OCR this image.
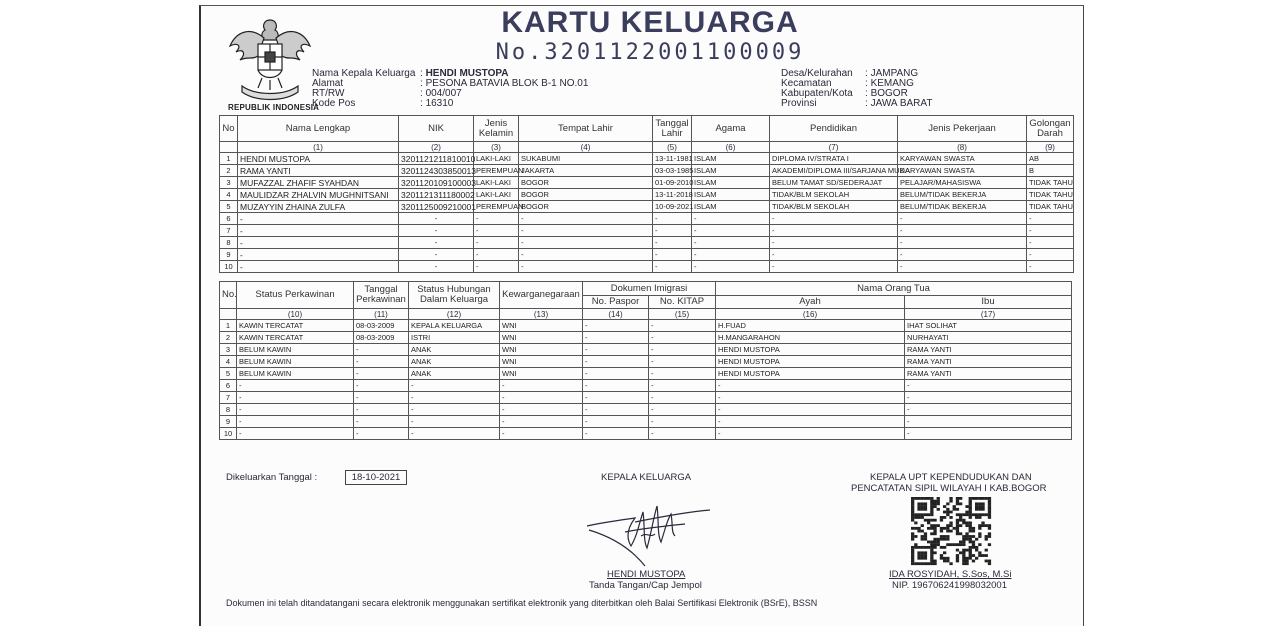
REPUBLIK INDONESIA
KARTU KELUARGA
No.3201122001100009
Nama Kepala Keluarga : HENDI MUSTOPA
Alamat	: PESONA BATAVIA BLOK B-1 NO.01
RT/RW	: 004/007
Kode Pos	: 16310
Desa/Kelurahan : JAMPANG
Kecamatan	: KEMANG
Kabupaten/Kota : BOGOR
Provinsi	: JAWA BARAT
No	Nama Lengkap	NIK	Jenis Kelamin	Tempat Lahir	Tanggal Lahir	Agama	Pendidikan	Jenis Pekerjaan	Golongan Darah
	(1)	(2)	(3)	(4)	(5)	(6)	(7)	(8)	(9)
1	HENDI MUSTOPA	3201121211810010	LAKI-LAKI	SUKABUMI	13-11-1981	ISLAM	DIPLOMA IV/STRATA I	KARYAWAN SWASTA	AB
2	RAMA YANTI	3201124303850013	PEREMPUAN	JAKARTA	03-03-1985	ISLAM	AKADEMI/DIPLOMA III/SARJANA MUDA	KARYAWAN SWASTA	B
3	MUFAZZAL ZHAFIF SYAHDAN	3201120109100003	LAKI-LAKI	BOGOR	01-09-2010	ISLAM	BELUM TAMAT SD/SEDERAJAT	PELAJAR/MAHASISWA	TIDAK TAHU
4	MAULIDZAR ZHALVIN MUGHNITSANI	3201121311180002	LAKI-LAKI	BOGOR	13-11-2018	ISLAM	TIDAK/BLM SEKOLAH	BELUM/TIDAK BEKERJA	TIDAK TAHU
5	MUZAYYIN ZHAINA ZULFA	3201125009210001	PEREMPUAN	BOGOR	10-09-2021	ISLAM	TIDAK/BLM SEKOLAH	BELUM/TIDAK BEKERJA	TIDAK TAHU
6	-	-	-	-	-	-	-	-	-
7	-	-	-	-	-	-	-	-	-
8	-	-	-	-	-	-	-	-	-
9	-	-	-	-	-	-	-	-	-
10	-	-	-	-	-	-	-	-	-
No.	Status Perkawinan	Tanggal Perkawinan	Status Hubungan Dalam Keluarga	Kewarganegaraan	Dokumen Imigrasi		Nama Orang Tua	
					No. Paspor	No. KITAP	Ayah	Ibu
	(10)	(11)	(12)	(13)	(14)	(15)	(16)	(17)
1	KAWIN TERCATAT	08-03-2009	KEPALA KELUARGA	WNI	-	-	H.FUAD	IHAT SOLIHAT
2	KAWIN TERCATAT	08-03-2009	ISTRI	WNI	-	-	H.MANGARAHON	NURHAYATI
3	BELUM KAWIN	-	ANAK	WNI	-	-	HENDI MUSTOPA	RAMA YANTI
4	BELUM KAWIN	-	ANAK	WNI	-	-	HENDI MUSTOPA	RAMA YANTI
5	BELUM KAWIN	-	ANAK	WNI	-	-	HENDI MUSTOPA	RAMA YANTI
6	-	-	-	-	-	-	-	-
7	-	-	-	-	-	-	-	-
8	-	-	-	-	-	-	-	-
9	-	-	-	-	-	-	-	-
10	-	-	-	-	-	-	-	-
Dikeluarkan Tanggal :	18-10-2021	KEPALA KELUARGA
HENDI MUSTOPA
Tanda Tangan/Cap Jempol
KEPALA UPT KEPENDUDUKAN DAN
PENCATATAN SIPIL WILAYAH I KAB.BOGOR
IDA ROSYIDAH, S.Sos, M.Si
NIP. 196706241998032001
Dokumen ini telah ditandatangani secara elektronik menggunakan sertifikat elektronik yang diterbitkan oleh Balai Sertifikasi Elektronik (BSrE), BSSN
